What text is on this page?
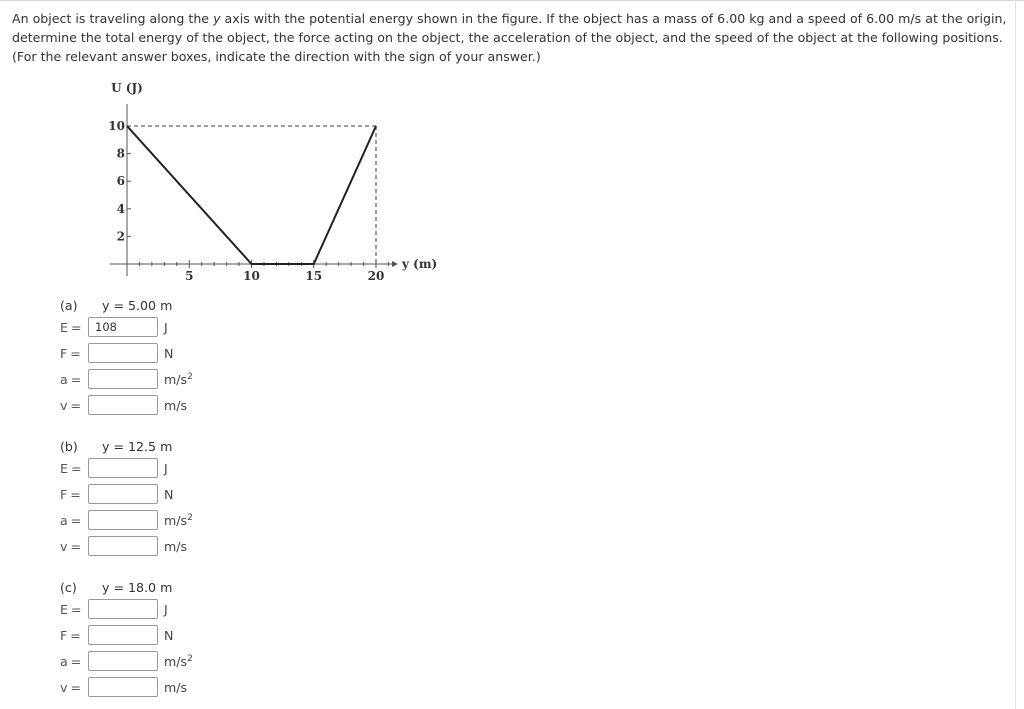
An object is traveling along the y axis with the potential energy shown in the figure. If the object has a mass of 6.00 kg and a speed of 6.00 m/s at the origin, determine the total energy of the object, the force acting on the object, the acceleration of the object, and the speed of the object at the following positions. (For the relevant answer boxes, indicate the direction with the sign of your answer.)
5	10	15	20
10
8
6
4
2
U (J)
y (m)
(a) y = 5.00 m
E =
108	J
F =	N
a =	$m/s^2$
v =	m/s
(b) y = 12.5 m
E =	J
F =	N
a =	$m/s^2$
v =	m/s
(c) y = 18.0 m
E =	J
F =	N
a =	$m/s^2$
v =	m/s
